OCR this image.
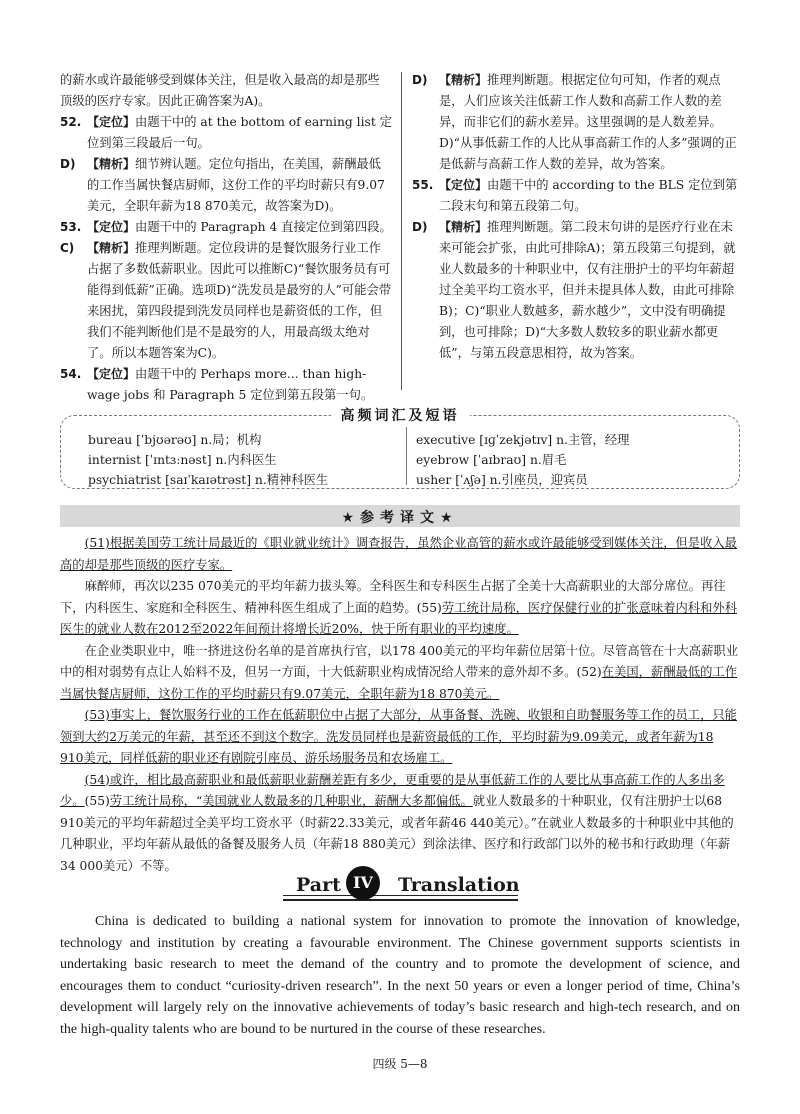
的薪水或许最能够受到媒体关注，但是收入最高的却是那些顶级的医疗专家。因此正确答案为A)。
52. 【定位】由题干中的 at the bottom of earning list 定位到第三段最后一句。
D) 【精析】细节辨认题。定位句指出，在美国，薪酬最低的工作当属快餐店厨师，这份工作的平均时薪只有9.07美元，全职年薪为18 870美元，故答案为D)。
53. 【定位】由题干中的 Paragraph 4 直接定位到第四段。
C) 【精析】推理判断题。定位段讲的是餐饮服务行业工作占据了多数低薪职业。因此可以推断C)“餐饮服务员有可能得到低薪”正确。选项D)“洗发员是最穷的人”可能会带来困扰，第四段提到洗发员同样也是薪资低的工作，但我们不能判断他们是不是最穷的人，用最高级太绝对了。所以本题答案为C)。
54. 【定位】由题干中的 Perhaps more... than high-wage jobs 和 Paragraph 5 定位到第五段第一句。
D) 【精析】推理判断题。根据定位句可知，作者的观点是，人们应该关注低薪工作人数和高薪工作人数的差异，而非它们的薪水差异。这里强调的是人数差异。D)“从事低薪工作的人比从事高薪工作的人多”强调的正是低薪与高薪工作人数的差异，故为答案。
55. 【定位】由题干中的 according to the BLS 定位到第二段末句和第五段第二句。
D) 【精析】推理判断题。第二段末句讲的是医疗行业在未来可能会扩张，由此可排除A)；第五段第三句提到，就业人数最多的十种职业中，仅有注册护士的平均年薪超过全美平均工资水平，但并未提具体人数，由此可排除B)；C)“职业人数越多，薪水越少”，文中没有明确提到，也可排除；D)“大多数人数较多的职业薪水都更低”，与第五段意思相符，故为答案。
高频词汇及短语
bureau [ˈbjʊərəʊ] n.局；机构
internist [ˈɪntɜːnəst] n.内科医生
psychiatrist [saɪˈkaɪətrəst] n.精神科医生
executive [ɪɡˈzekjətɪv] n.主管，经理
eyebrow [ˈaɪbraʊ] n.眉毛
usher [ˈʌʃə] n.引座员，迎宾员
★参考译文★

(51)根据美国劳工统计局最近的《职业就业统计》调查报告，虽然企业高管的薪水或许最能够受到媒体关注，但是收入最高的却是那些顶级的医疗专家。

麻醉师，再次以235 070美元的平均年薪力拔头筹。全科医生和专科医生占据了全美十大高薪职业的大部分席位。再往下，内科医生、家庭和全科医生、精神科医生组成了上面的趋势。(55)劳工统计局称，医疗保健行业的扩张意味着内科和外科医生的就业人数在2012至2022年间预计将增长近20%，快于所有职业的平均速度。

在企业类职业中，唯一挤进这份名单的是首席执行官，以178 400美元的平均年薪位居第十位。尽管高管在十大高薪职业中的相对弱势有点让人始料不及，但另一方面，十大低薪职业构成情况给人带来的意外却不多。(52)在美国，薪酬最低的工作当属快餐店厨师，这份工作的平均时薪只有9.07美元，全职年薪为18 870美元。

(53)事实上，餐饮服务行业的工作在低薪职位中占据了大部分，从事备餐、洗碗、收银和自助餐服务等工作的员工，只能领到大约2万美元的年薪，甚至还不到这个数字。洗发员同样也是薪资最低的工作，平均时薪为9.09美元，或者年薪为18 910美元，同样低薪的职业还有剧院引座员、游乐场服务员和农场雇工。

(54)或许，相比最高薪职业和最低薪职业薪酬差距有多少，更重要的是从事低薪工作的人要比从事高薪工作的人多出多少。(55)劳工统计局称，“美国就业人数最多的几种职业，薪酬大多都偏低。就业人数最多的十种职业，仅有注册护士以68 910美元的平均年薪超过全美平均工资水平（时薪22.33美元，或者年薪46 440美元）。”在就业人数最多的十种职业中其他的几种职业，平均年薪从最低的备餐及服务人员（年薪18 880美元）到涂法律、医疗和行政部门以外的秘书和行政助理（年薪34 000美元）不等。

Part IV	Translation

China is dedicated to building a national system for innovation to promote the innovation of knowledge, technology and institution by creating a favourable environment. The Chinese government supports scientists in undertaking basic research to meet the demand of the country and to promote the development of science, and encourages them to conduct “curiosity-driven research”. In the next 50 years or even a longer period of time, China’s development will largely rely on the innovative achievements of today’s basic research and high-tech research, and on the high-quality talents who are bound to be nurtured in the course of these researches.

四级 5—8
